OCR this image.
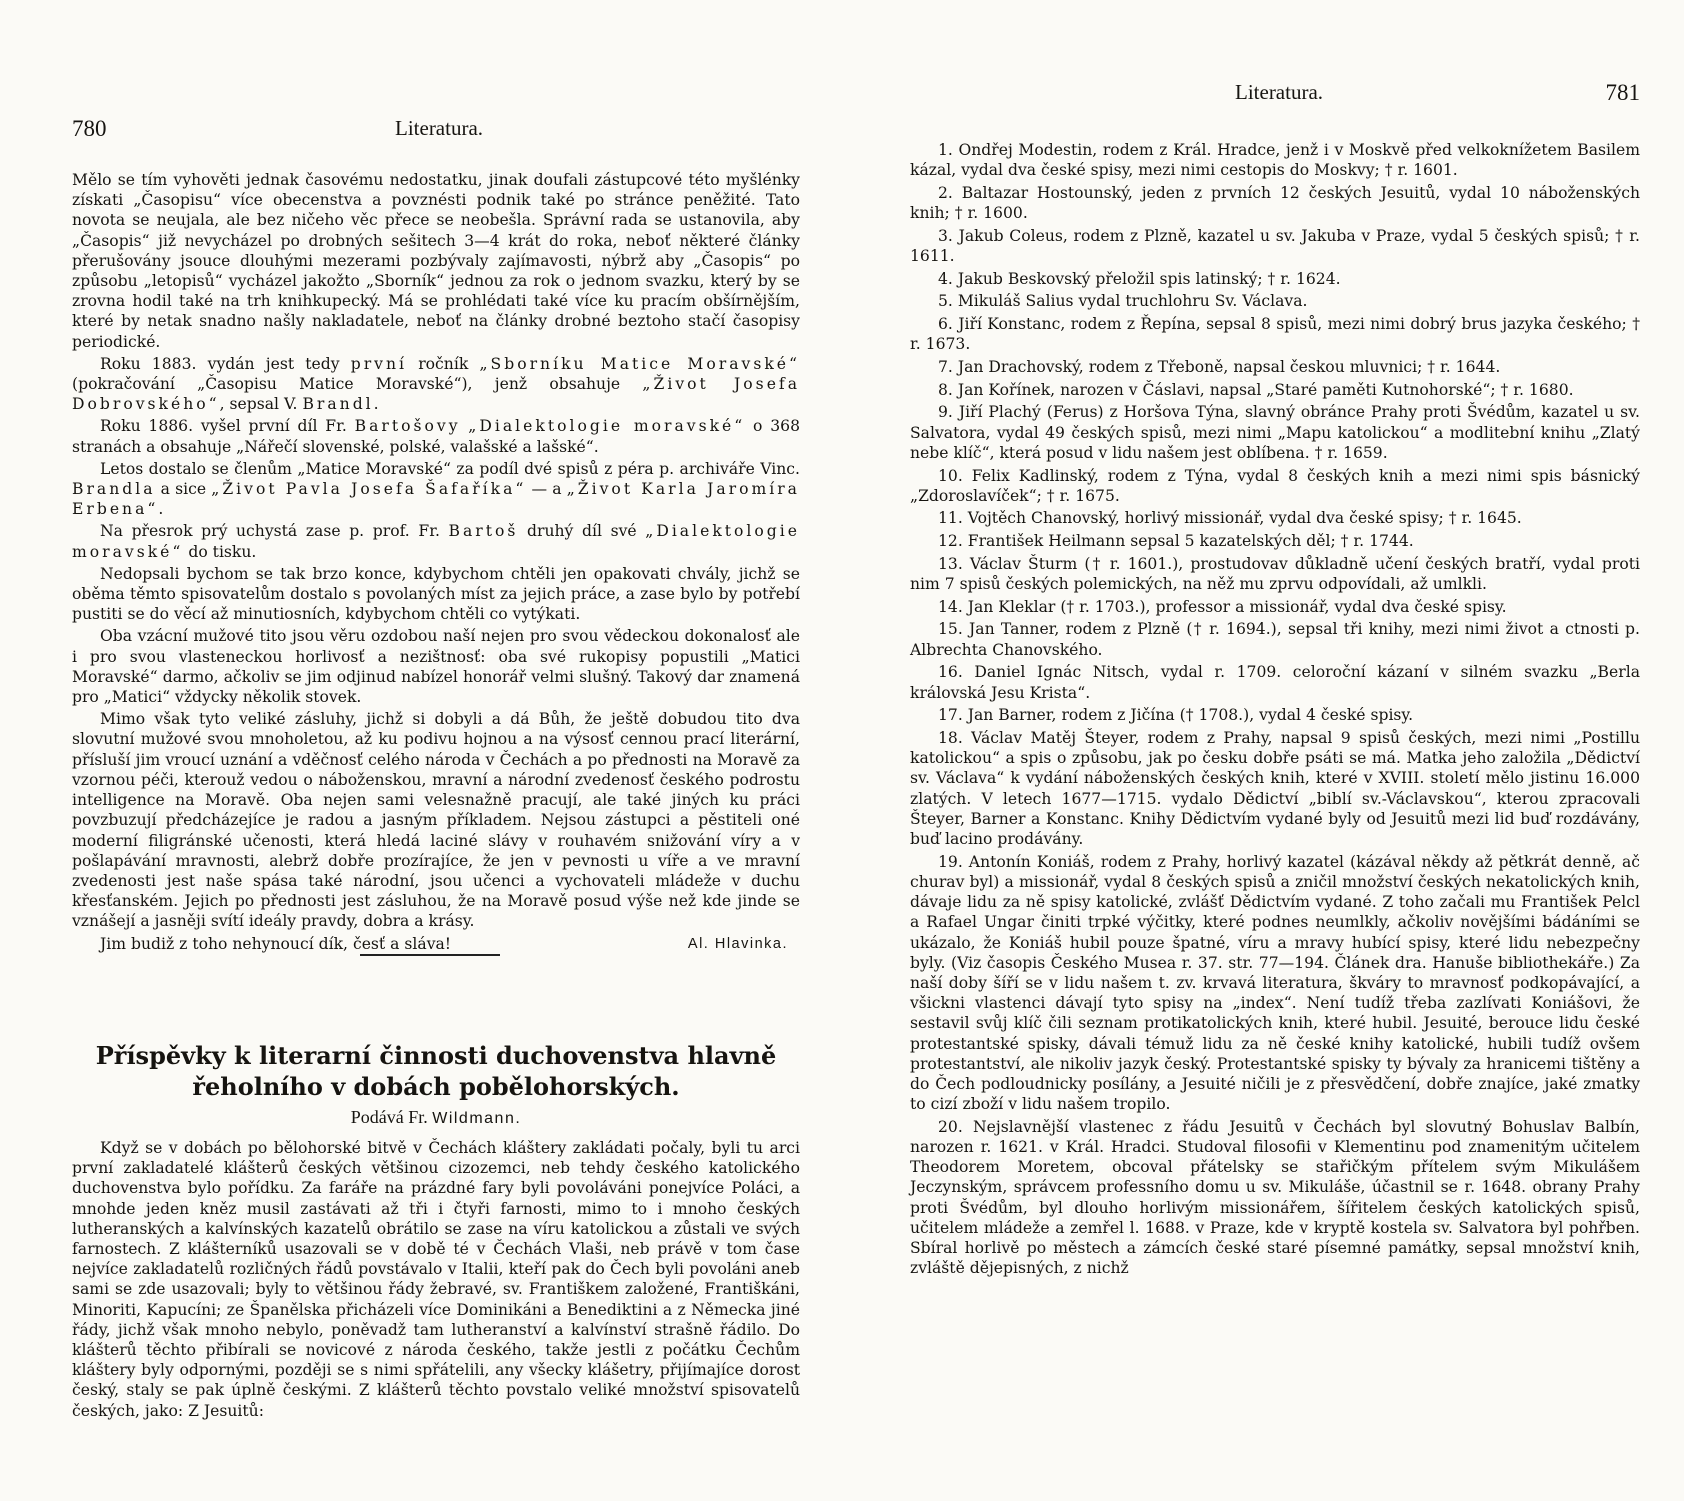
780	Literatura.

Mělo se tím vyhověti jednak časovému nedostatku, jinak doufali zástupcové této myšlénky získati „Časopisu“ více obecenstva a povznésti podnik také po stránce peněžité. Tato novota se neujala, ale bez ničeho věc přece se neobešla. Správní rada se ustanovila, aby „Časopis“ již nevycházel po drobných sešitech 3—4 krát do roka, neboť některé články přerušovány jsouce dlouhými mezerami pozbývaly zajímavosti, nýbrž aby „Časopis“ po způsobu „letopisů“ vycházel jakožto „Sborník“ jednou za rok o jednom svazku, který by se zrovna hodil také na trh knihkupecký. Má se prohlédati také více ku pracím obšírnějším, které by netak snadno našly nakladatele, neboť na články drobné beztoho stačí časopisy periodické.

Roku 1883. vydán jest tedy první ročník „Sborníku Matice Moravské“ (pokračování „Časopisu Matice Moravské“), jenž obsahuje „Život Josefa Dobrovského“, sepsal V. Brandl.

Roku 1886. vyšel první díl Fr. Bartošovy „Dialektologie moravské“ o 368 stranách a obsahuje „Nářečí slovenské, polské, valašské a lašské“.

Letos dostalo se členům „Matice Moravské“ za podíl dvé spisů z péra p. archiváře Vinc. Brandla a sice „Život Pavla Josefa Šafaříka“ — a „Život Karla Jaromíra Erbena“.

Na přesrok prý uchystá zase p. prof. Fr. Bartoš druhý díl své „Dialektologie moravské“ do tisku.

Nedopsali bychom se tak brzo konce, kdybychom chtěli jen opakovati chvály, jichž se oběma těmto spisovatelům dostalo s povolaných míst za jejich práce, a zase bylo by potřebí pustiti se do věcí až minutiosních, kdybychom chtěli co vytýkati.

Oba vzácní mužové tito jsou věru ozdobou naší nejen pro svou vědeckou dokonalosť ale i pro svou vlasteneckou horlivosť a nezištnosť: oba své rukopisy popustili „Matici Moravské“ darmo, ačkoliv se jim odjinud nabízel honorář velmi slušný. Takový dar znamená pro „Matici“ vždycky několik stovek.

Mimo však tyto veliké zásluhy, jichž si dobyli a dá Bůh, že ještě dobudou tito dva slovutní mužové svou mnoholetou, až ku podivu hojnou a na výsosť cennou prací literární, přísluší jim vroucí uznání a vděčnosť celého národa v Čechách a po přednosti na Moravě za vzornou péči, kterouž vedou o náboženskou, mravní a národní zvedenosť českého podrostu intelligence na Moravě. Oba nejen sami velesnažně pracují, ale také jiných ku práci povzbuzují předcházejíce je radou a jasným příkladem. Nejsou zástupci a pěstiteli oné moderní filigránské učenosti, která hledá laciné slávy v rouhavém snižování víry a v pošlapávání mravnosti, alebrž dobře prozírajíce, že jen v pevnosti u víře a ve mravní zvedenosti jest naše spása také národní, jsou učenci a vychovateli mládeže v duchu křesťanském. Jejich po přednosti jest zásluhou, že na Moravě posud výše než kde jinde se vznášejí a jasněji svítí ideály pravdy, dobra a krásy.

Jim budiž z toho nehynoucí dík, česť a sláva!	Al. Hlavinka.
Příspěvky k literarní činnosti duchovenstva hlavně
řeholního v dobách pobělohorských.
Podává Fr. Wildmann.

Když se v dobách po bělohorské bitvě v Čechách kláštery zakládati počaly, byli tu arci první zakladatelé klášterů českých většinou cizozemci, neb tehdy českého katolického duchovenstva bylo pořídku. Za faráře na prázdné fary byli povoláváni ponejvíce Poláci, a mnohde jeden kněz musil zastávati až tři i čtyři farnosti, mimo to i mnoho českých lutheranských a kalvínských kazatelů obrátilo se zase na víru katolickou a zůstali ve svých farnostech. Z klášterníků usazovali se v době té v Čechách Vlaši, neb právě v tom čase nejvíce zakladatelů rozličných řádů povstávalo v Italii, kteří pak do Čech byli povoláni aneb sami se zde usazovali; byly to většinou řády žebravé, sv. Františkem založené, Františkáni, Minoriti, Kapucíni; ze Španělska přicházeli více Dominikáni a Benediktini a z Německa jiné řády, jichž však mnoho nebylo, poněvadž tam lutheranství a kalvínství strašně řádilo. Do klášterů těchto přibírali se novicové z národa českého, takže jestli z počátku Čechům kláštery byly odpornými, později se s nimi spřátelili, any všecky klášetry, přijímajíce dorost český, staly se pak úplně českými. Z klášterů těchto povstalo veliké množství spisovatelů českých, jako: Z Jesuitů:

Literatura.	781

1. Ondřej Modestin, rodem z Král. Hradce, jenž i v Moskvě před velkoknížetem Basilem kázal, vydal dva české spisy, mezi nimi cestopis do Moskvy; † r. 1601.

2. Baltazar Hostounský, jeden z prvních 12 českých Jesuitů, vydal 10 náboženských knih; † r. 1600.

3. Jakub Coleus, rodem z Plzně, kazatel u sv. Jakuba v Praze, vydal 5 českých spisů; † r. 1611.

4. Jakub Beskovský přeložil spis latinský; † r. 1624.

5. Mikuláš Salius vydal truchlohru Sv. Václava.

6. Jiří Konstanc, rodem z Řepína, sepsal 8 spisů, mezi nimi dobrý brus jazyka českého; † r. 1673.

7. Jan Drachovský, rodem z Třeboně, napsal českou mluvnici; † r. 1644.

8. Jan Kořínek, narozen v Čáslavi, napsal „Staré paměti Kutnohorské“; † r. 1680.

9. Jiří Plachý (Ferus) z Horšova Týna, slavný obránce Prahy proti Švédům, kazatel u sv. Salvatora, vydal 49 českých spisů, mezi nimi „Mapu katolickou“ a modlitební knihu „Zlatý nebe klíč“, která posud v lidu našem jest oblíbena. † r. 1659.

10. Felix Kadlinský, rodem z Týna, vydal 8 českých knih a mezi nimi spis básnický „Zdoroslavíček“; † r. 1675.

11. Vojtěch Chanovský, horlivý missionář, vydal dva české spisy; † r. 1645.

12. František Heilmann sepsal 5 kazatelských děl; † r. 1744.

13. Václav Šturm († r. 1601.), prostudovav důkladně učení českých bratří, vydal proti nim 7 spisů českých polemických, na něž mu zprvu odpovídali, až umlkli.

14. Jan Kleklar († r. 1703.), professor a missionář, vydal dva české spisy.

15. Jan Tanner, rodem z Plzně († r. 1694.), sepsal tři knihy, mezi nimi život a ctnosti p. Albrechta Chanovského.

16. Daniel Ignác Nitsch, vydal r. 1709. celoroční kázaní v silném svazku „Berla královská Jesu Krista“.

17. Jan Barner, rodem z Jičína († 1708.), vydal 4 české spisy.

18. Václav Matěj Šteyer, rodem z Prahy, napsal 9 spisů českých, mezi nimi „Postillu katolickou“ a spis o způsobu, jak po česku dobře psáti se má. Matka jeho založila „Dědictví sv. Václava“ k vydání náboženských českých knih, které v XVIII. století mělo jistinu 16.000 zlatých. V letech 1677—1715. vydalo Dědictví „biblí sv.-Václavskou“, kterou zpracovali Šteyer, Barner a Konstanc. Knihy Dědictvím vydané byly od Jesuitů mezi lid buď rozdávány, buď lacino prodávány.

19. Antonín Koniáš, rodem z Prahy, horlivý kazatel (kázával někdy až pětkrát denně, ač churav byl) a missionář, vydal 8 českých spisů a zničil množství českých nekatolických knih, dávaje lidu za ně spisy katolické, zvlášť Dědictvím vydané. Z toho začali mu František Pelcl a Rafael Ungar činiti trpké výčitky, které podnes neumlkly, ačkoliv novějšími bádáními se ukázalo, že Koniáš hubil pouze špatné, víru a mravy hubící spisy, které lidu nebezpečny byly. (Viz časopis Českého Musea r. 37. str. 77—194. Článek dra. Hanuše bibliothekáře.) Za naší doby šíří se v lidu našem t. zv. krvavá literatura, škváry to mravnosť podkopávající, a všickni vlastenci dávají tyto spisy na „index“. Není tudíž třeba zazlívati Koniášovi, že sestavil svůj klíč čili seznam protikatolických knih, které hubil. Jesuité, berouce lidu české protestantské spisky, dávali témuž lidu za ně české knihy katolické, hubili tudíž ovšem protestantství, ale nikoliv jazyk český. Protestantské spisky ty bývaly za hranicemi tištěny a do Čech podloudnicky posílány, a Jesuité ničili je z přesvědčení, dobře znajíce, jaké zmatky to cizí zboží v lidu našem tropilo.

20. Nejslavnější vlastenec z řádu Jesuitů v Čechách byl slovutný Bohuslav Balbín, narozen r. 1621. v Král. Hradci. Studoval filosofii v Klementinu pod znamenitým učitelem Theodorem Moretem, obcoval přátelsky se stařičkým přítelem svým Mikulášem Jeczynským, správcem professního domu u sv. Mikuláše, účastnil se r. 1648. obrany Prahy proti Švédům, byl dlouho horlivým missionářem, šířitelem českých katolických spisů, učitelem mládeže a zemřel l. 1688. v Praze, kde v kryptě kostela sv. Salvatora byl pohřben. Sbíral horlivě po městech a zámcích české staré písemné památky, sepsal množství knih, zvláště dějepisných, z nichž
